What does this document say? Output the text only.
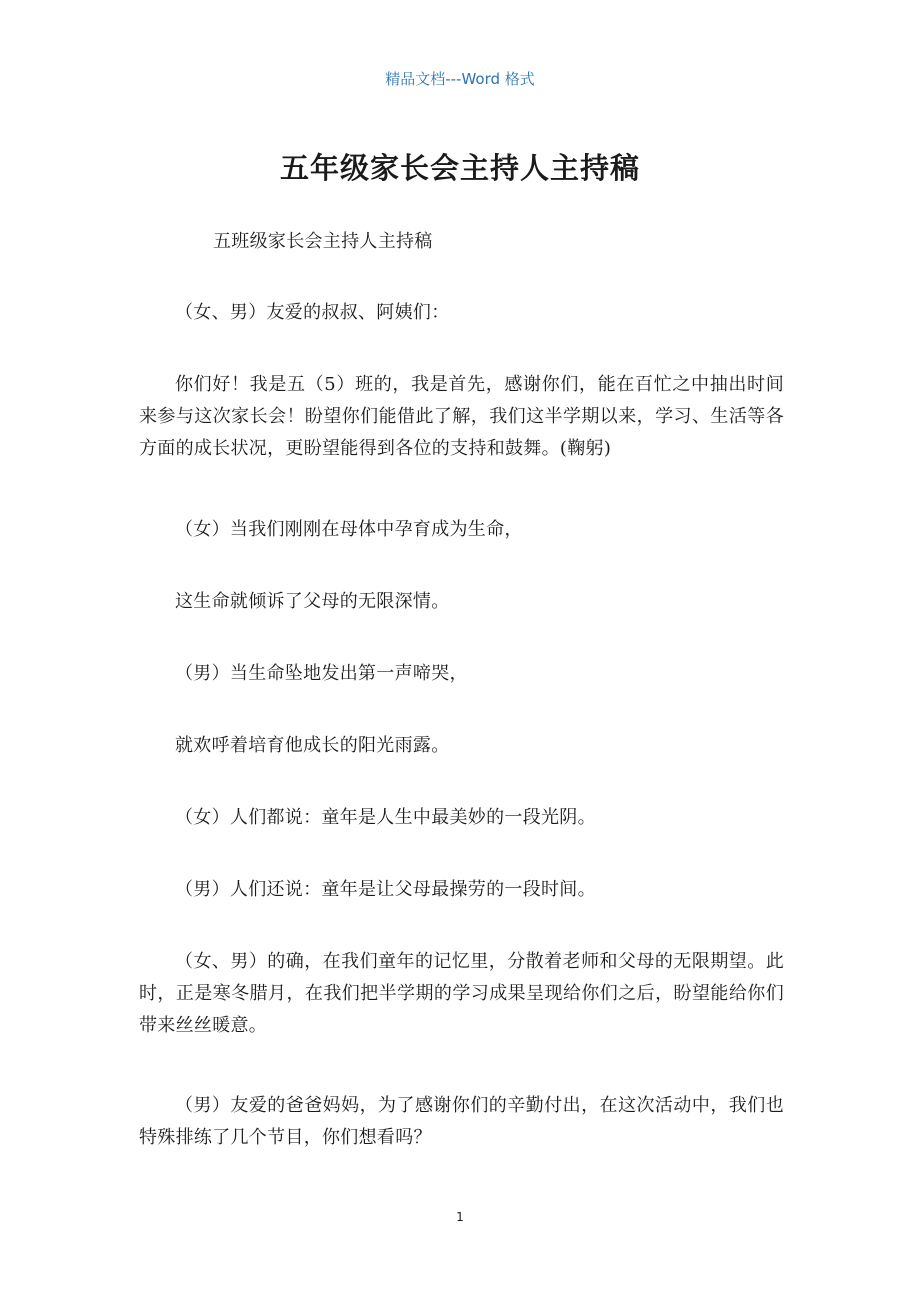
精品文档---Word 格式
五年级家长会主持人主持稿

五班级家长会主持人主持稿

（女、男）友爱的叔叔、阿姨们：

你们好！我是五（5）班的，我是首先，感谢你们，能在百忙之中抽出时间来参与这次家长会！盼望你们能借此了解，我们这半学期以来，学习、生活等各方面的成长状况，更盼望能得到各位的支持和鼓舞。(鞠躬)

（女）当我们刚刚在母体中孕育成为生命，

这生命就倾诉了父母的无限深情。

（男）当生命坠地发出第一声啼哭，

就欢呼着培育他成长的阳光雨露。

（女）人们都说：童年是人生中最美妙的一段光阴。

（男）人们还说：童年是让父母最操劳的一段时间。

（女、男）的确，在我们童年的记忆里，分散着老师和父母的无限期望。此时，正是寒冬腊月，在我们把半学期的学习成果呈现给你们之后，盼望能给你们带来丝丝暖意。

（男）友爱的爸爸妈妈，为了感谢你们的辛勤付出，在这次活动中，我们也特殊排练了几个节目，你们想看吗？

1
